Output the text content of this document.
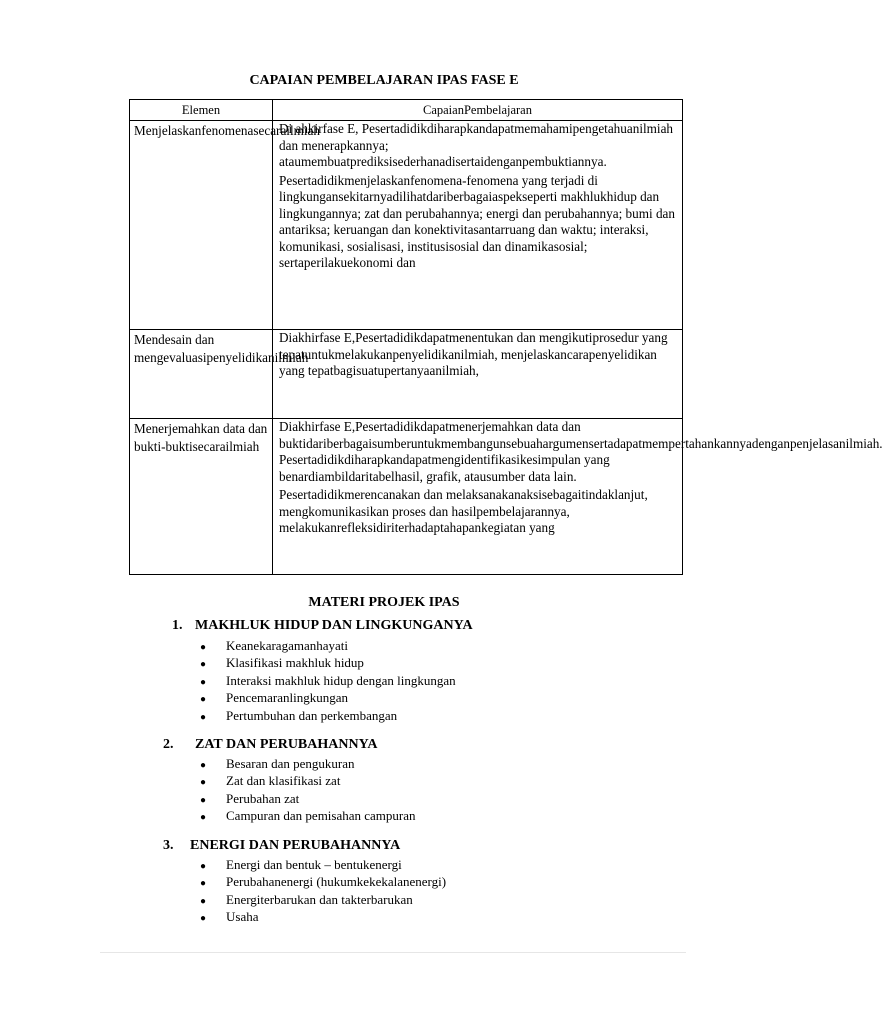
CAPAIAN PEMBELAJARAN IPAS FASE E
Elemen	CapaianPembelajaran

Menjelaskanfenomenasecarailmiah	Di ahkirfase E, Pesertadidikdiharapkandapatmemahamipengetahuanilmiah dan menerapkannya; ataumembuatprediksisederhanadisertaidenganpembuktiannya.

Pesertadidikmenjelaskanfenomena-fenomena yang terjadi di lingkungansekitarnyadilihatdariberbagaiaspekseperti makhlukhidup dan lingkungannya; zat dan perubahannya; energi dan perubahannya; bumi dan antariksa; keruangan dan konektivitasantarruang dan waktu; interaksi, komunikasi, sosialisasi, institusisosial dan dinamikasosial; sertaperilakuekonomi dan

Mendesain dan mengevaluasipenyelidikanilmiah	Diakhirfase E,Pesertadidikdapatmenentukan dan mengikutiprosedur yang tepatuntukmelakukanpenyelidikanilmiah, menjelaskancarapenyelidikan yang tepatbagisuatupertanyaanilmiah,

Menerjemahkan data dan bukti-buktisecarailmiah	Diakhirfase E,Pesertadidikdapatmenerjemahkan data dan buktidariberbagaisumberuntukmembangunsebuahargumensertadapatmempertahankannyadenganpenjelasanilmiah. Pesertadidikdiharapkandapatmengidentifikasikesimpulan yang benardiambildaritabelhasil, grafik, atausumber data lain.

Pesertadidikmerencanakan dan melaksanakanaksisebagaitindaklanjut, mengkomunikasikan proses dan hasilpembelajarannya, melakukanrefleksidiriterhadaptahapankegiatan yang

MATERI PROJEK IPAS
1. MAKHLUK HIDUP DAN LINGKUNGANYA
● Keanekaragamanhayati
● Klasifikasi makhluk hidup
● Interaksi makhluk hidup dengan lingkungan
● Pencemaranlingkungan
● Pertumbuhan dan perkembangan
2. ZAT DAN PERUBAHANNYA
● Besaran dan pengukuran
● Zat dan klasifikasi zat
● Perubahan zat
● Campuran dan pemisahan campuran
3. ENERGI DAN PERUBAHANNYA
● Energi dan bentuk – bentukenergi
● Perubahanenergi (hukumkekekalanenergi)
● Energiterbarukan dan takterbarukan
● Usaha
